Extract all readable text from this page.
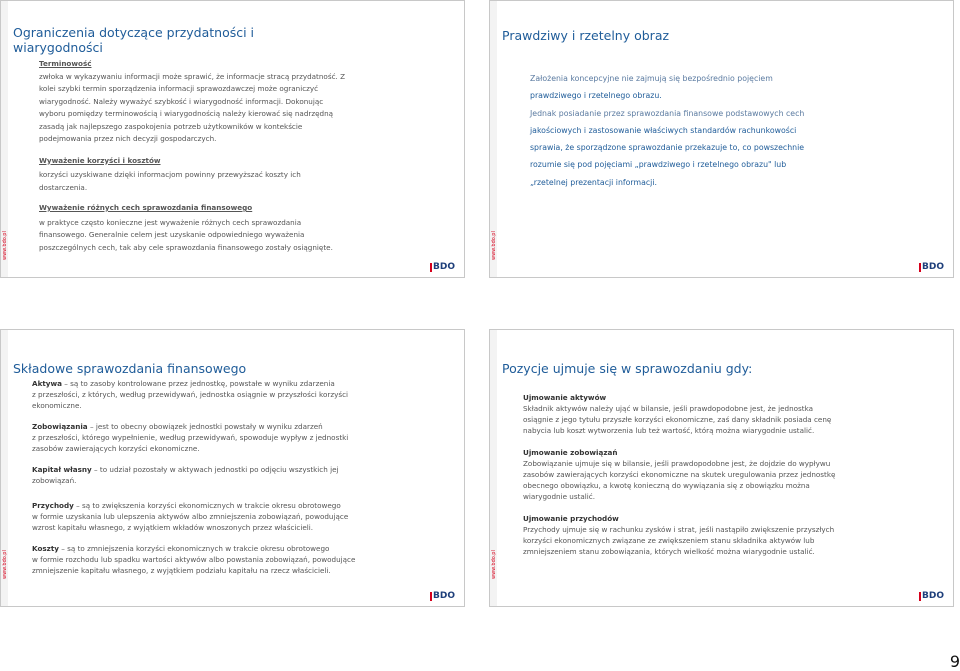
www.bdo.pl
Ograniczenia dotyczące przydatności i
wiarygodności
Terminowość
zwłoka w wykazywaniu informacji może sprawić, że informacje stracą przydatność. Z
kolei szybki termin sporządzenia informacji sprawozdawczej może ograniczyć
wiarygodność. Należy wyważyć szybkość i wiarygodność informacji. Dokonując
wyboru pomiędzy terminowością i wiarygodnością należy kierować się nadrzędną
zasadą jak najlepszego zaspokojenia potrzeb użytkowników w kontekście
podejmowania przez nich decyzji gospodarczych.
Wyważenie korzyści i kosztów
korzyści uzyskiwane dzięki informacjom powinny przewyższać koszty ich
dostarczenia.
Wyważenie różnych cech sprawozdania finansowego
w praktyce często konieczne jest wyważenie różnych cech sprawozdania
finansowego. Generalnie celem jest uzyskanie odpowiedniego wyważenia
poszczególnych cech, tak aby cele sprawozdania finansowego zostały osiągnięte.
BDO
www.bdo.pl
Prawdziwy i rzetelny obraz
Założenia koncepcyjne nie zajmują się bezpośrednio pojęciem
prawdziwego i rzetelnego obrazu.
Jednak posiadanie przez sprawozdania finansowe podstawowych cech
jakościowych i zastosowanie właściwych standardów rachunkowości
sprawia, że sporządzone sprawozdanie przekazuje to, co powszechnie
rozumie się pod pojęciami „prawdziwego i rzetelnego obrazu" lub
„rzetelnej prezentacji informacji.
BDO
www.bdo.pl
Składowe sprawozdania finansowego
Aktywa – są to zasoby kontrolowane przez jednostkę, powstałe w wyniku zdarzenia
z przeszłości, z których, według przewidywań, jednostka osiągnie w przyszłości korzyści
ekonomiczne.
Zobowiązania – jest to obecny obowiązek jednostki powstały w wyniku zdarzeń
z przeszłości, którego wypełnienie, według przewidywań, spowoduje wypływ z jednostki
zasobów zawierających korzyści ekonomiczne.
Kapitał własny – to udział pozostały w aktywach jednostki po odjęciu wszystkich jej
zobowiązań.
Przychody – są to zwiększenia korzyści ekonomicznych w trakcie okresu obrotowego
w formie uzyskania lub ulepszenia aktywów albo zmniejszenia zobowiązań, powodujące
wzrost kapitału własnego, z wyjątkiem wkładów wnoszonych przez właścicieli.
Koszty – są to zmniejszenia korzyści ekonomicznych w trakcie okresu obrotowego
w formie rozchodu lub spadku wartości aktywów albo powstania zobowiązań, powodujące
zmniejszenie kapitału własnego, z wyjątkiem podziału kapitału na rzecz właścicieli.
BDO
www.bdo.pl
Pozycje ujmuje się w sprawozdaniu gdy:
Ujmowanie aktywów
Składnik aktywów należy ująć w bilansie, jeśli prawdopodobne jest, że jednostka
osiągnie z jego tytułu przyszłe korzyści ekonomiczne, zaś dany składnik posiada cenę
nabycia lub koszt wytworzenia lub też wartość, którą można wiarygodnie ustalić.
Ujmowanie zobowiązań
Zobowiązanie ujmuje się w bilansie, jeśli prawdopodobne jest, że dojdzie do wypływu
zasobów zawierających korzyści ekonomiczne na skutek uregulowania przez jednostkę
obecnego obowiązku, a kwotę konieczną do wywiązania się z obowiązku można
wiarygodnie ustalić.
Ujmowanie przychodów
Przychody ujmuje się w rachunku zysków i strat, jeśli nastąpiło zwiększenie przyszłych
korzyści ekonomicznych związane ze zwiększeniem stanu składnika aktywów lub
zmniejszeniem stanu zobowiązania, których wielkość można wiarygodnie ustalić.
BDO
9
